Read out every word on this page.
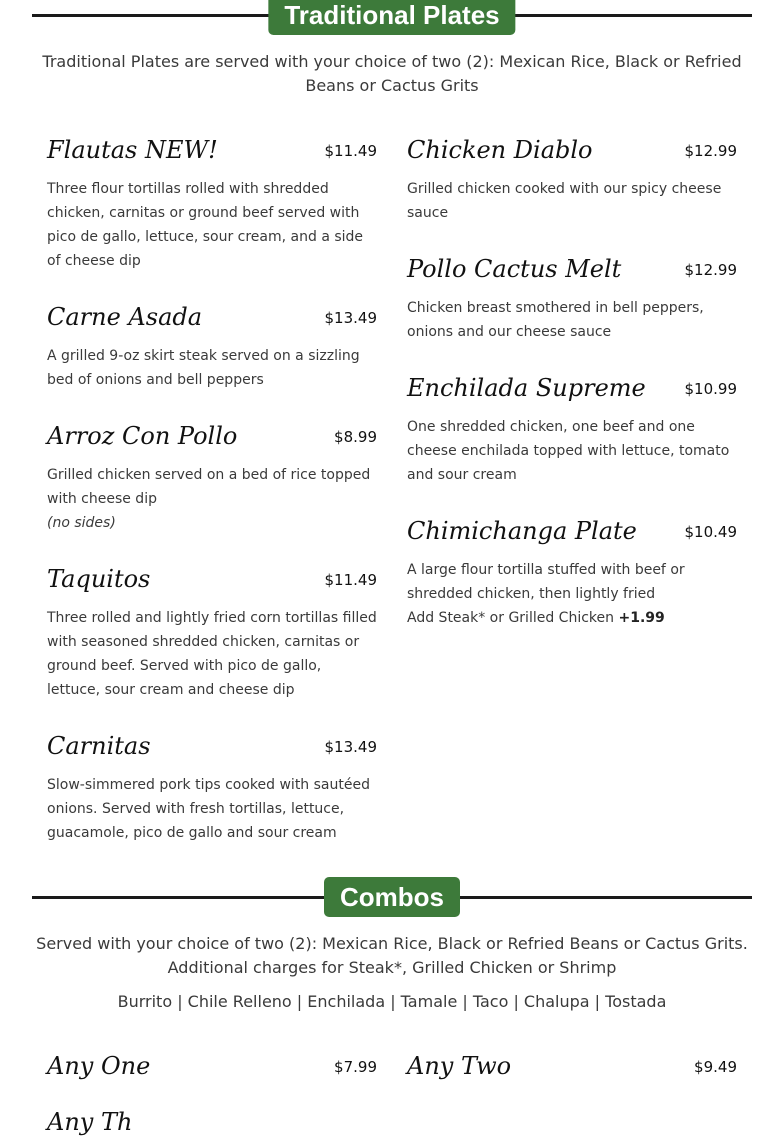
Traditional Plates
Traditional Plates are served with your choice of two (2): Mexican Rice, Black or Refried Beans or Cactus Grits
Flautas NEW!	$11.49
Three flour tortillas rolled with shredded chicken, carnitas or ground beef served with pico de gallo, lettuce, sour cream, and a side of cheese dip
Carne Asada	$13.49
A grilled 9-oz skirt steak served on a sizzling bed of onions and bell peppers
Arroz Con Pollo	$8.99
Grilled chicken served on a bed of rice topped with cheese dip
(no sides)
Taquitos	$11.49
Three rolled and lightly fried corn tortillas filled with seasoned shredded chicken, carnitas or ground beef. Served with pico de gallo, lettuce, sour cream and cheese dip
Carnitas	$13.49
Slow-simmered pork tips cooked with sautéed onions. Served with fresh tortillas, lettuce, guacamole, pico de gallo and sour cream
Chicken Diablo	$12.99
Grilled chicken cooked with our spicy cheese sauce
Pollo Cactus Melt	$12.99
Chicken breast smothered in bell peppers, onions and our cheese sauce
Enchilada Supreme	$10.99
One shredded chicken, one beef and one cheese enchilada topped with lettuce, tomato and sour cream
Chimichanga Plate	$10.49
A large flour tortilla stuffed with beef or shredded chicken, then lightly fried
Add Steak* or Grilled Chicken +1.99
Combos
Served with your choice of two (2): Mexican Rice, Black or Refried Beans or Cactus Grits. Additional charges for Steak*, Grilled Chicken or Shrimp
Burrito | Chile Relleno | Enchilada | Tamale | Taco | Chalupa | Tostada
Any One	$7.99 Any Two	$9.49
Any Th
